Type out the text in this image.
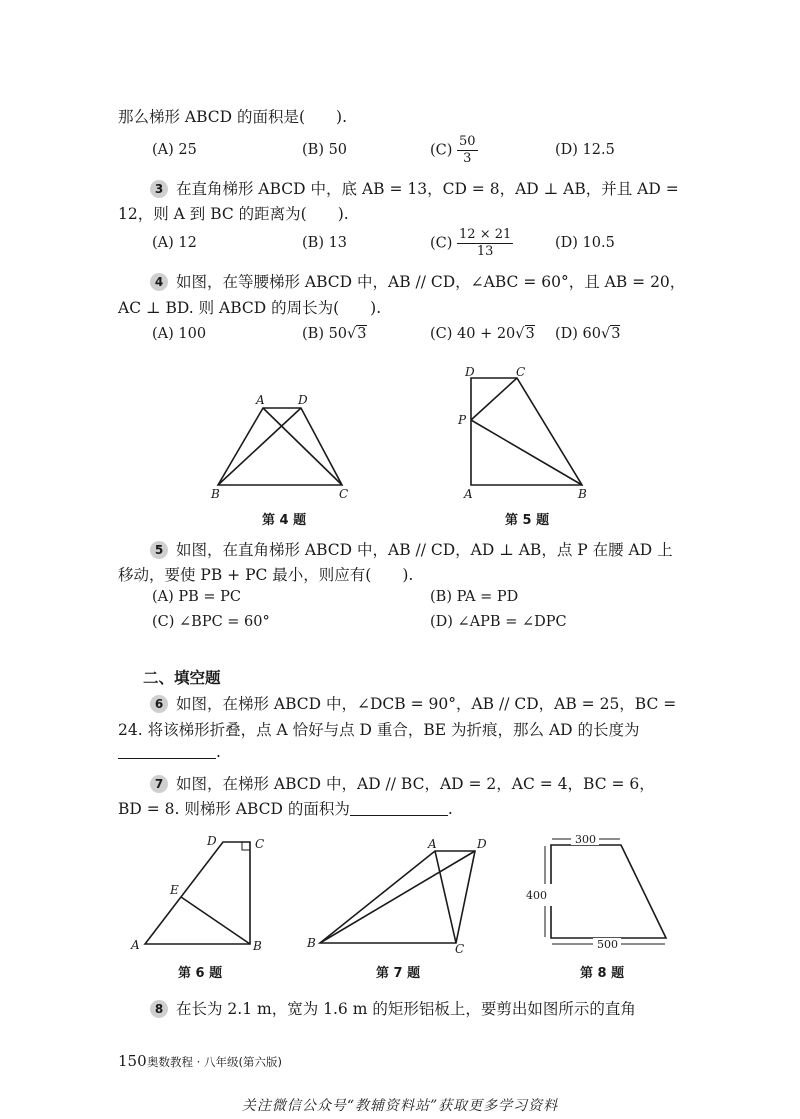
那么梯形 ABCD 的面积是(　　).
(A) 25	(B) 50	$(C) \frac{50}{3}$	(D) 12.5
3 在直角梯形 ABCD 中，底 AB = 13，CD = 8，AD ⊥ AB，并且 AD =
12，则 A 到 BC 的距离为(　　).
(A) 12	(B) 13	$(C) \frac{12 \times 21}{13}$	(D) 10.5
4 如图，在等腰梯形 ABCD 中，AB // CD，∠ABC = 60°，且 AB = 20，
AC ⊥ BD. 则 ABCD 的周长为(　　).
(A) 100	(B) 50√3	(C) 40 + 20√3 (D) 60√3
A	D
B	C
第 4 题
D	C
P
A	B
第 5 题
5 如图，在直角梯形 ABCD 中，AB // CD，AD ⊥ AB，点 P 在腰 AD 上
移动，要使 PB + PC 最小，则应有(　　).
(A) PB = PC	(B) PA = PD
(C) ∠BPC = 60°	(D) ∠APB = ∠DPC
二、填空题
6 如图，在梯形 ABCD 中，∠DCB = 90°，AB // CD，AB = 25，BC =
24. 将该梯形折叠，点 A 恰好与点 D 重合，BE 为折痕，那么 AD 的长度为
.
7 如图，在梯形 ABCD 中，AD // BC，AD = 2，AC = 4，BC = 6，
BD = 8. 则梯形 ABCD 的面积为	.
D	C
E
A	B
第 6 题
A	D
B	C
第 7 题
300
400
500
第 8 题
8 在长为 2.1 m，宽为 1.6 m 的矩形铝板上，要剪出如图所示的直角
150 奥数教程 · 八年级(第六版)
关注微信公众号“教辅资料站”获取更多学习资料
